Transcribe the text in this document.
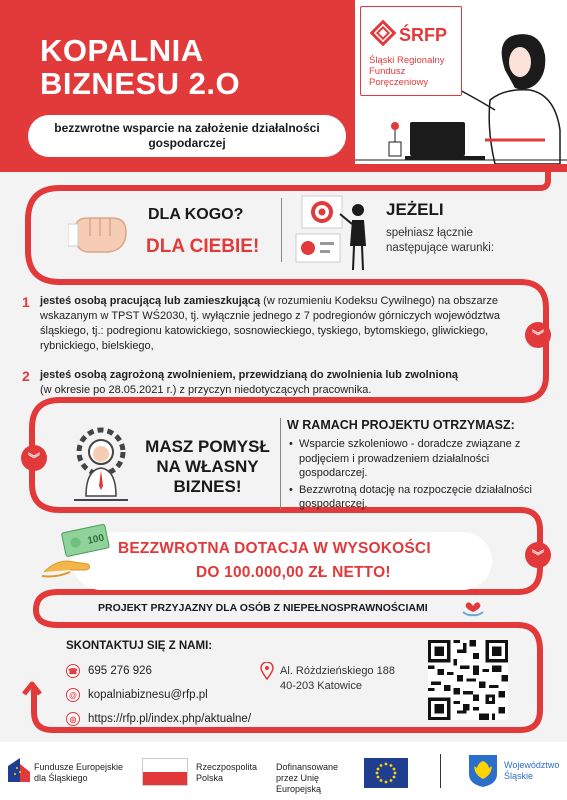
KOPALNIA
BIZNESU 2.O
bezzwrotne wsparcie na założenie działalności gospodarczej
ŚRFP
Śląski Regionalny Fundusz Poręczeniowy
︾
︾
︾
DLA KOGO?
DLA CIEBIE!
JEŻELI
spełniasz łącznie następujące warunki:
1 jesteś osobą pracującą lub zamieszkującą (w rozumieniu Kodeksu Cywilnego) na obszarze wskazanym w TPST WŚ2030, tj. wyłącznie jednego z 7 podregionów górniczych województwa śląskiego, tj.: podregionu katowickiego, sosnowieckiego, tyskiego, bytomskiego, gliwickiego, rybnickiego, bielskiego,
2 jesteś osobą zagrożoną zwolnieniem, przewidzianą do zwolnienia lub zwolnioną
(w okresie po 28.05.2021 r.) z przyczyn niedotyczących pracownika.
MASZ POMYSŁ
NA WŁASNY
BIZNES!
W RAMACH PROJEKTU OTRZYMASZ:
• Wsparcie szkoleniowo - doradcze związane z podjęciem i prowadzeniem działalności gospodarczej.
• Bezzwrotną dotację na rozpoczęcie działalności gospodarczej.
100
BEZZWROTNA DOTACJA W WYSOKOŚCI
DO 100.000,00 ZŁ NETTO!
PROJEKT PRZYJAZNY DLA OSÓB Z NIEPEŁNOSPRAWNOŚCIAMI
SKONTAKTUJ SIĘ Z NAMI:
☎ 695 276 926
@ kopalniabiznesu@rfp.pl
◎	https://rfp.pl/index.php/aktualne/
Al. Różdzieńskiego 188
40-203 Katowice
Fundusze Europejskie dla Śląskiego
Rzeczpospolita Polska
Dofinansowane przez Unię Europejską
Województwo Śląskie
